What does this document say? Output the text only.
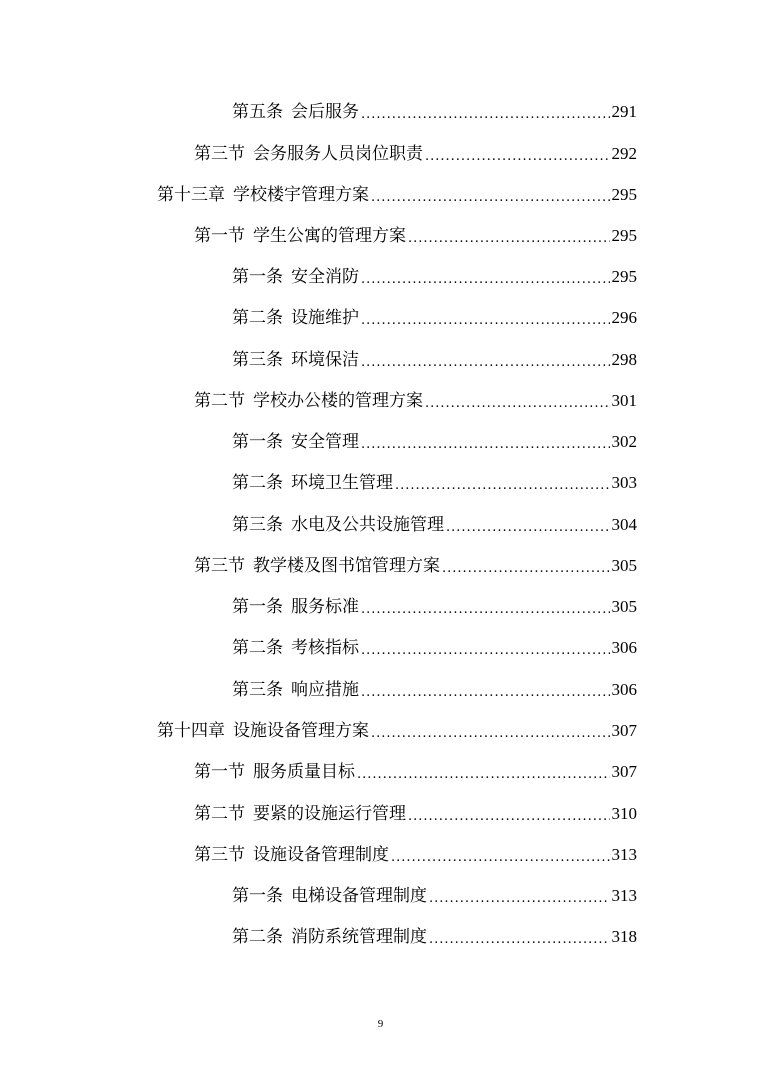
第五条 会后服务 .....	291
第三节 会务服务人员岗位职责 .....	292
第十三章 学校楼宇管理方案 .....	295
第一节 学生公寓的管理方案 .....	295
第一条 安全消防 .....	295
第二条 设施维护 .....	296
第三条 环境保洁 .....	298
第二节 学校办公楼的管理方案 .....	301
第一条 安全管理 .....	302
第二条 环境卫生管理 .....	303
第三条 水电及公共设施管理 .....	304
第三节 教学楼及图书馆管理方案 .....	305
第一条 服务标准 .....	305
第二条 考核指标 .....	306
第三条 响应措施 .....	306
第十四章 设施设备管理方案 .....	307
第一节 服务质量目标 .....	307
第二节 要紧的设施运行管理 .....	310
第三节 设施设备管理制度 .....	313
第一条 电梯设备管理制度 .....	313
第二条 消防系统管理制度 .....	318
9
